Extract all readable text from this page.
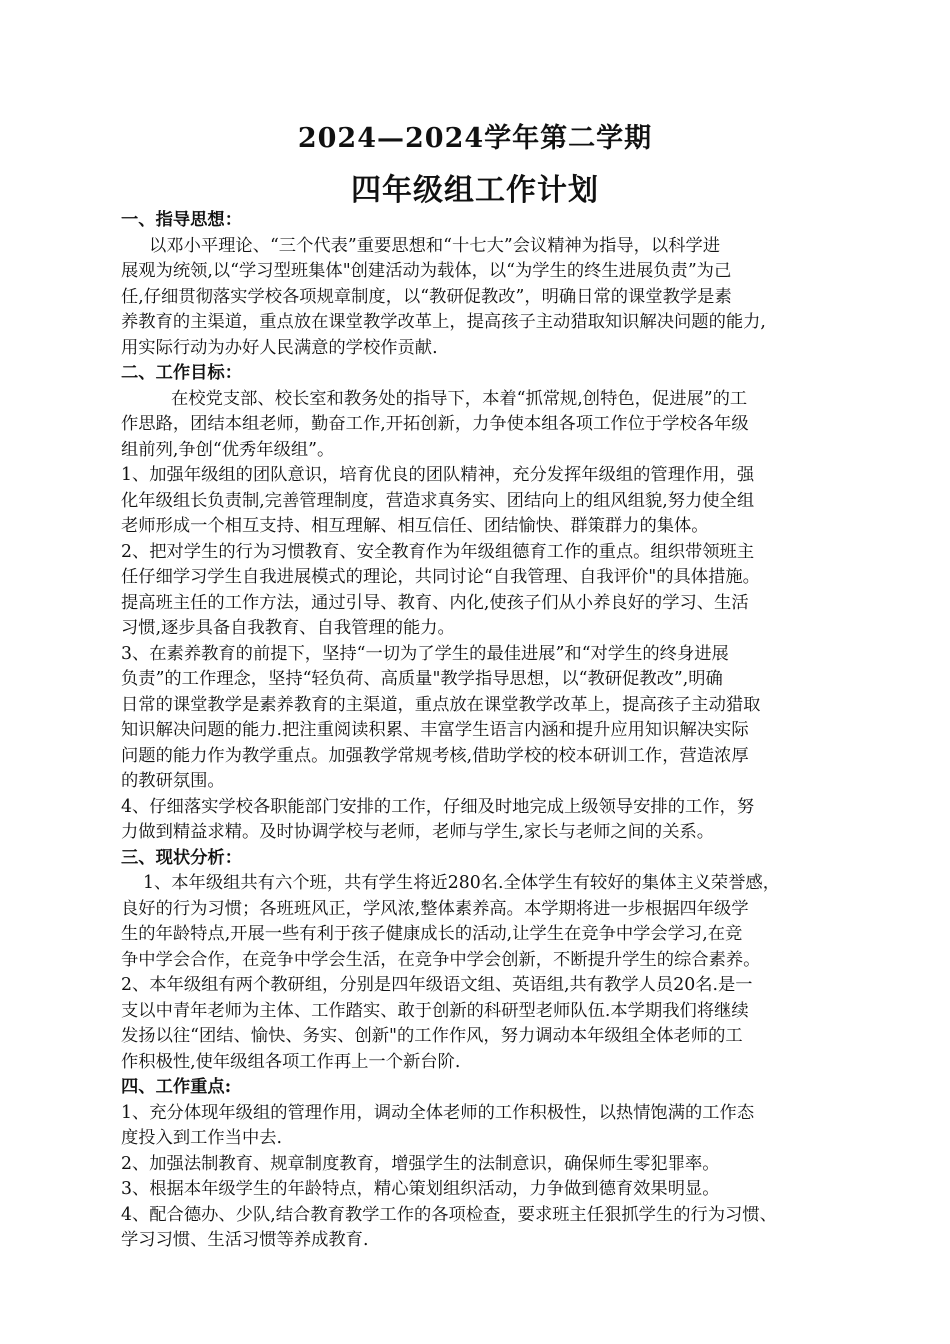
2024—2024学年第二学期
四年级组工作计划

一、指导思想：

以邓小平理论、“三个代表”重要思想和“十七大”会议精神为指导，以科学进

展观为统领,以“学习型班集体"创建活动为载体，以“为学生的终生进展负责”为己

任,仔细贯彻落实学校各项规章制度，以“教研促教改”，明确日常的课堂教学是素

养教育的主渠道，重点放在课堂教学改革上，提高孩子主动猎取知识解决问题的能力,

用实际行动为办好人民满意的学校作贡献.

二、工作目标：

在校党支部、校长室和教务处的指导下，本着“抓常规,创特色，促进展”的工

作思路，团结本组老师，勤奋工作,开拓创新，力争使本组各项工作位于学校各年级

组前列,争创“优秀年级组”。

1、加强年级组的团队意识，培育优良的团队精神，充分发挥年级组的管理作用，强

化年级组长负责制,完善管理制度，营造求真务实、团结向上的组风组貌,努力使全组

老师形成一个相互支持、相互理解、相互信任、团结愉快、群策群力的集体。

2、把对学生的行为习惯教育、安全教育作为年级组德育工作的重点。组织带领班主

任仔细学习学生自我进展模式的理论，共同讨论“自我管理、自我评价"的具体措施。

提高班主任的工作方法，通过引导、教育、内化,使孩子们从小养良好的学习、生活

习惯,逐步具备自我教育、自我管理的能力。

3、在素养教育的前提下，坚持“一切为了学生的最佳进展”和“对学生的终身进展

负责”的工作理念，坚持“轻负荷、高质量"教学指导思想，以“教研促教改”,明确

日常的课堂教学是素养教育的主渠道，重点放在课堂教学改革上，提高孩子主动猎取

知识解决问题的能力.把注重阅读积累、丰富学生语言内涵和提升应用知识解决实际

问题的能力作为教学重点。加强教学常规考核,借助学校的校本研训工作，营造浓厚

的教研氛围。

4、仔细落实学校各职能部门安排的工作，仔细及时地完成上级领导安排的工作，努

力做到精益求精。及时协调学校与老师，老师与学生,家长与老师之间的关系。

三、现状分析：

1、本年级组共有六个班，共有学生将近280名.全体学生有较好的集体主义荣誉感，

良好的行为习惯；各班班风正，学风浓,整体素养高。本学期将进一步根据四年级学

生的年龄特点,开展一些有利于孩子健康成长的活动,让学生在竞争中学会学习,在竞

争中学会合作，在竞争中学会生活，在竞争中学会创新，不断提升学生的综合素养。

2、本年级组有两个教研组，分别是四年级语文组、英语组,共有教学人员20名.是一

支以中青年老师为主体、工作踏实、敢于创新的科研型老师队伍.本学期我们将继续

发扬以往“团结、愉快、务实、创新"的工作作风，努力调动本年级组全体老师的工

作积极性,使年级组各项工作再上一个新台阶.

四、工作重点:

1、充分体现年级组的管理作用，调动全体老师的工作积极性，以热情饱满的工作态

度投入到工作当中去.

2、加强法制教育、规章制度教育，增强学生的法制意识，确保师生零犯罪率。

3、根据本年级学生的年龄特点，精心策划组织活动，力争做到德育效果明显。

4、配合德办、少队,结合教育教学工作的各项检查，要求班主任狠抓学生的行为习惯、

学习习惯、生活习惯等养成教育.
